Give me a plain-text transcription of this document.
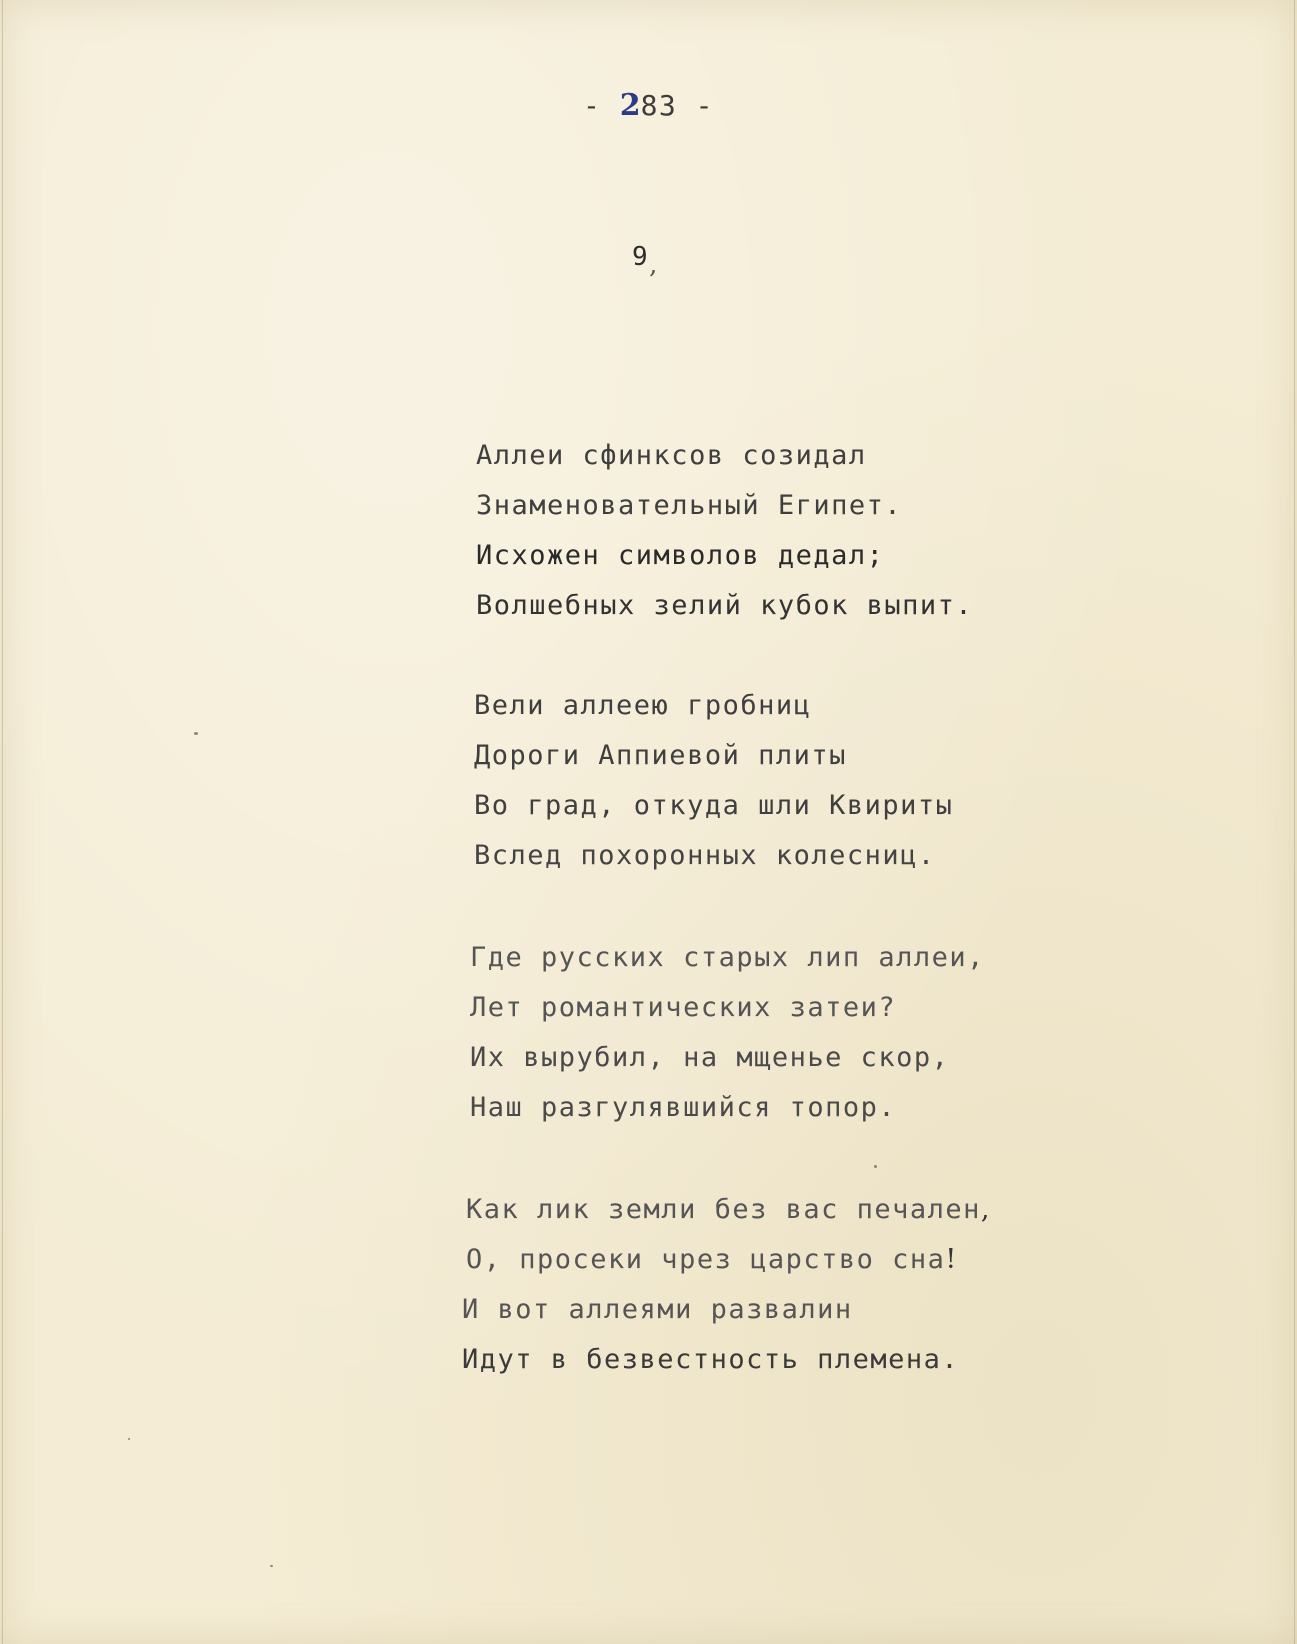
- 283 -
9,
Аллеи сфинксов созидал
Знаменовательный Египет.
Исхожен символов дедал;
Волшебных зелий кубок выпит.
Вели аллеею гробниц
Дороги Аппиевой плиты
Во град, откуда шли Квириты
Вслед похоронных колесниц.
Где русских старых лип аллеи,
Лет романтических затеи?
Их вырубил, на мщенье скор,
Наш разгулявшийся топор.
Как лик земли без вас печален,
О, просеки чрез царство сна!
И вот аллеями развалин
Идут в безвестность племена.
